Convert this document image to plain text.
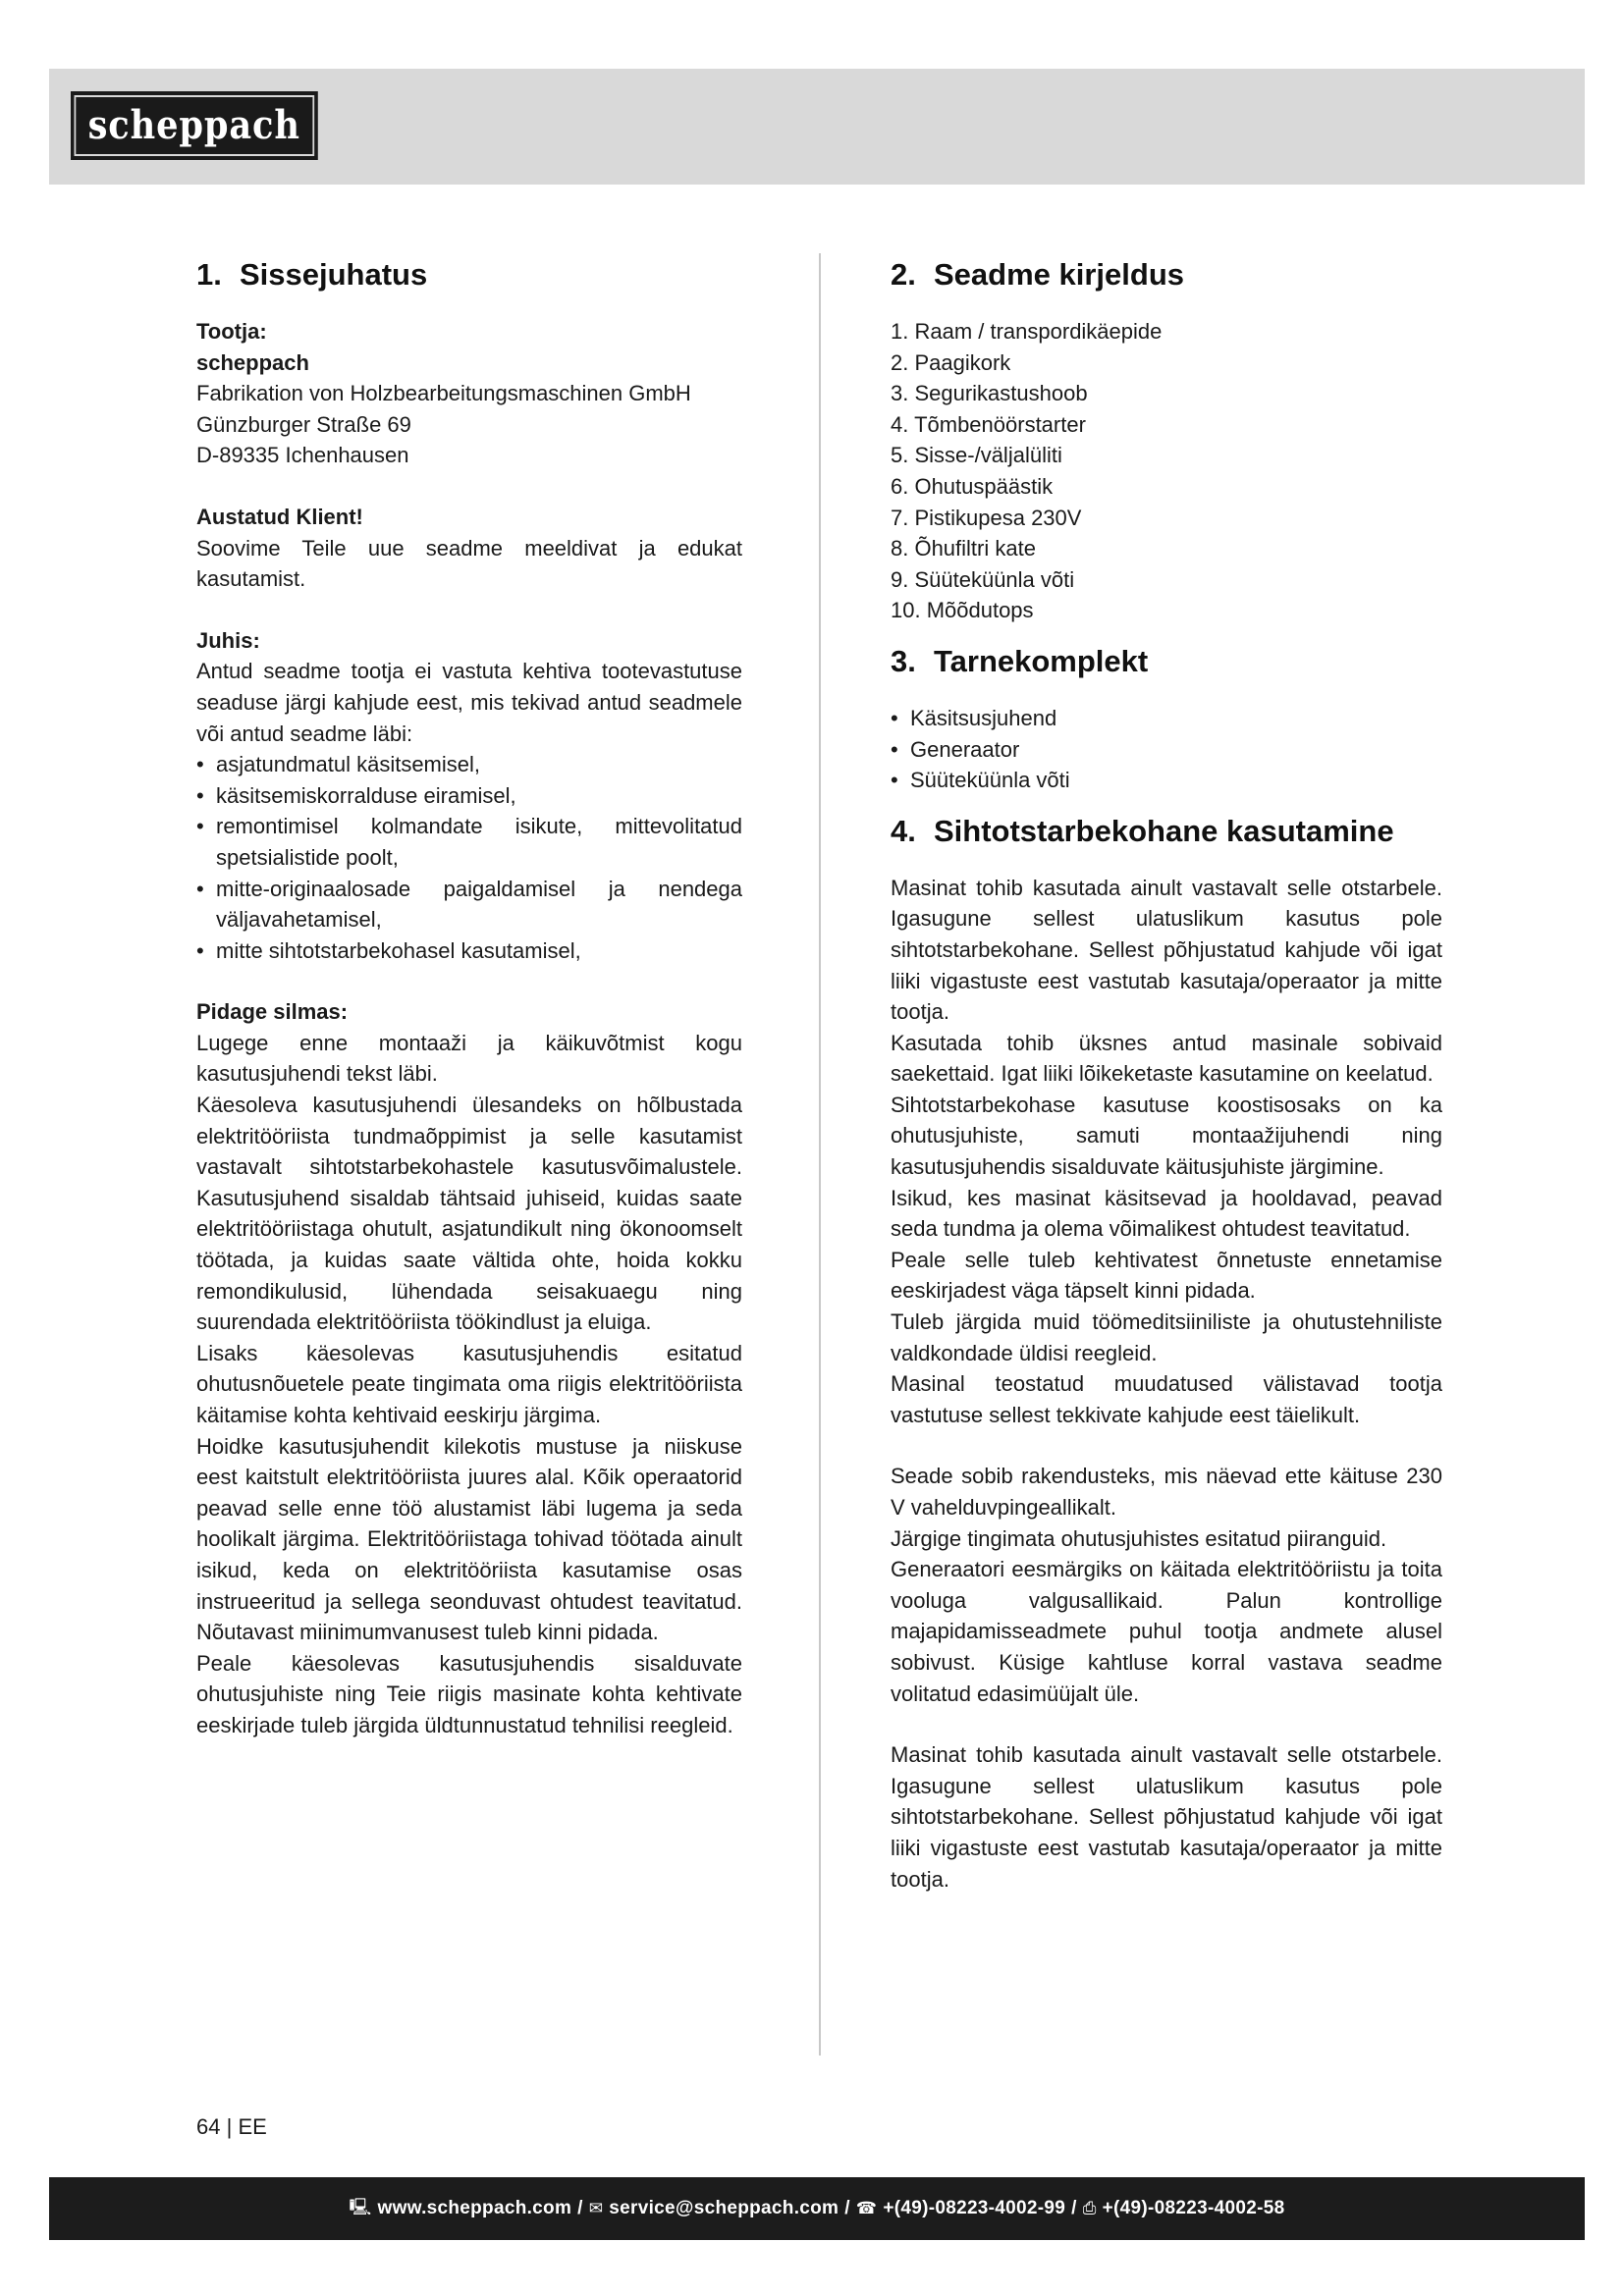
scheppach
1. Sissejuhatus

Tootja:

scheppach

Fabrikation von Holzbearbeitungsmaschinen GmbH

Günzburger Straße 69

D-89335 Ichenhausen

Austatud Klient!

Soovime Teile uue seadme meeldivat ja edukat kasutamist.

Juhis:

Antud seadme tootja ei vastuta kehtiva tootevastutuse seaduse järgi kahjude eest, mis tekivad antud seadmele või antud seadme läbi:

• asjatundmatul käsitsemisel,
• käsitsemiskorralduse eiramisel,
• remontimisel kolmandate isikute, mittevolitatud spetsialistide poolt,
• mitte-originaalosade paigaldamisel ja nendega väljavahetamisel,
• mitte sihtotstarbekohasel kasutamisel,

Pidage silmas:

Lugege enne montaaži ja käikuvõtmist kogu kasutusjuhendi tekst läbi.

Käesoleva kasutusjuhendi ülesandeks on hõlbustada elektritööriista tundmaõppimist ja selle kasutamist vastavalt sihtotstarbekohastele kasutusvõimalustele. Kasutusjuhend sisaldab tähtsaid juhiseid, kuidas saate elektritööriistaga ohutult, asjatundikult ning ökonoomselt töötada, ja kuidas saate vältida ohte, hoida kokku remondikulusid, lühendada seisakuaegu ning suurendada elektritööriista töökindlust ja eluiga.

Lisaks käesolevas kasutusjuhendis esitatud ohutusnõuetele peate tingimata oma riigis elektritööriista käitamise kohta kehtivaid eeskirju järgima.

Hoidke kasutusjuhendit kilekotis mustuse ja niiskuse eest kaitstult elektritööriista juures alal. Kõik operaatorid peavad selle enne töö alustamist läbi lugema ja seda hoolikalt järgima. Elektritööriistaga tohivad töötada ainult isikud, keda on elektritööriista kasutamise osas instrueeritud ja sellega seonduvast ohtudest teavitatud. Nõutavast miinimumvanusest tuleb kinni pidada.

Peale käesolevas kasutusjuhendis sisalduvate ohutusjuhiste ning Teie riigis masinate kohta kehtivate eeskirjade tuleb järgida üldtunnustatud tehnilisi reegleid.

2. Seadme kirjeldus
1. Raam / transpordikäepide
2. Paagikork
3. Segurikastushoob
4. Tõmbenöörstarter
5. Sisse-/väljalüliti
6. Ohutuspäästik
7. Pistikupesa 230V
8. Õhufiltri kate
9. Süüteküünla võti
10. Mõõdutops
3. Tarnekomplekt
• Käsitsusjuhend
• Generaator
• Süüteküünla võti
4. Sihtotstarbekohane kasutamine

Masinat tohib kasutada ainult vastavalt selle otstarbele. Igasugune sellest ulatuslikum kasutus pole sihtotstarbekohane. Sellest põhjustatud kahjude või igat liiki vigastuste eest vastutab kasutaja/operaator ja mitte tootja.

Kasutada tohib üksnes antud masinale sobivaid saekettaid. Igat liiki lõikeketaste kasutamine on keelatud.

Sihtotstarbekohase kasutuse koostisosaks on ka ohutusjuhiste, samuti montaažijuhendi ning kasutusjuhendis sisalduvate käitusjuhiste järgimine.

Isikud, kes masinat käsitsevad ja hooldavad, peavad seda tundma ja olema võimalikest ohtudest teavitatud.

Peale selle tuleb kehtivatest õnnetuste ennetamise eeskirjadest väga täpselt kinni pidada.

Tuleb järgida muid töömeditsiiniliste ja ohutustehniliste valdkondade üldisi reegleid.

Masinal teostatud muudatused välistavad tootja vastutuse sellest tekkivate kahjude eest täielikult.

Seade sobib rakendusteks, mis näevad ette käituse 230 V vahelduvpingeallikalt.

Järgige tingimata ohutusjuhistes esitatud piiranguid.

Generaatori eesmärgiks on käitada elektritööriistu ja toita vooluga valgusallikaid. Palun kontrollige majapidamisseadmete puhul tootja andmete alusel sobivust. Küsige kahtluse korral vastava seadme volitatud edasimüüjalt üle.

Masinat tohib kasutada ainult vastavalt selle otstarbele. Igasugune sellest ulatuslikum kasutus pole sihtotstarbekohane. Sellest põhjustatud kahjude või igat liiki vigastuste eest vastutab kasutaja/operaator ja mitte tootja.

64 | EE
🖳 www.scheppach.com / ✉ service@scheppach.com / ☎ +(49)-08223-4002-99 / ⎙ +(49)-08223-4002-58
